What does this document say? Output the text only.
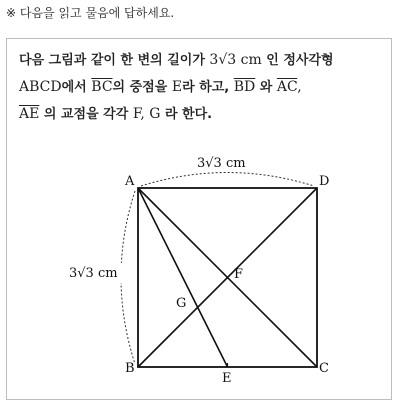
※ 다음을 읽고 물음에 답하세요.
다음 그림과 같이 한 변의 길이가 3√3 cm 인 정사각형
ABCD에서 $\overline{BC}$의 중점을 E라 하고, $\overline{BD}$ 와 $\overline{AC}$,
$\overline{AE}$ 의 교점을 각각 F, G 라 한다.
A	D
B	C
E
F
G
3√3 cm
3√3 cm
